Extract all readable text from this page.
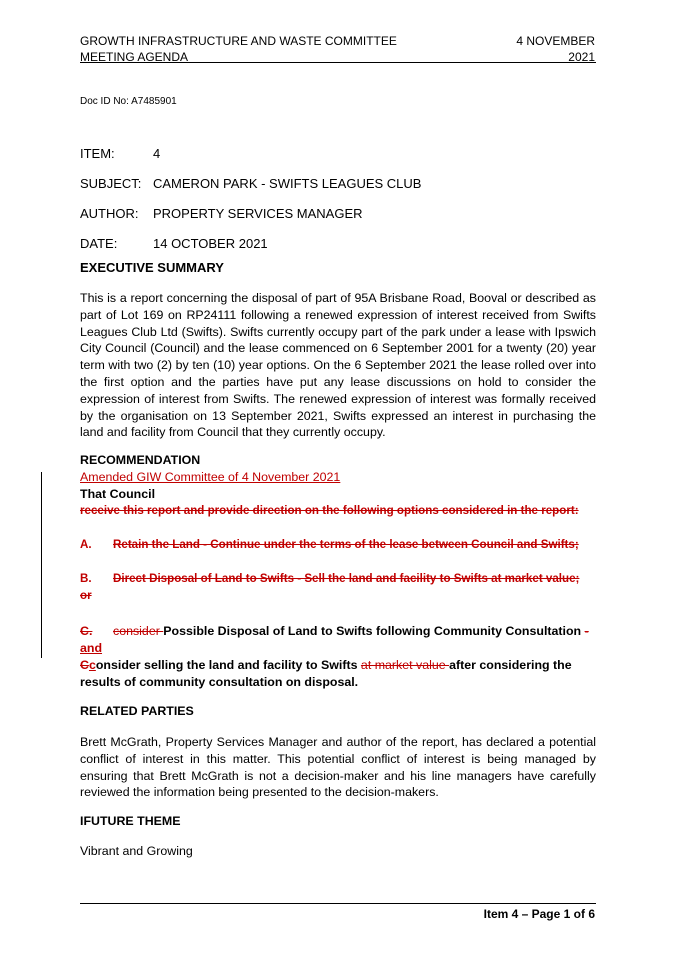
GROWTH INFRASTRUCTURE AND WASTE COMMITTEE
MEETING AGENDA
4 NOVEMBER
2021
Doc ID No: A7485901
ITEM:	4
SUBJECT: CAMERON PARK - SWIFTS LEAGUES CLUB
AUTHOR: PROPERTY SERVICES MANAGER
DATE:	14 OCTOBER 2021
EXECUTIVE SUMMARY
This is a report concerning the disposal of part of 95A Brisbane Road, Booval or described as part of Lot 169 on RP24111 following a renewed expression of interest received from Swifts Leagues Club Ltd (Swifts). Swifts currently occupy part of the park under a lease with Ipswich City Council (Council) and the lease commenced on 6 September 2001 for a twenty (20) year term with two (2) by ten (10) year options. On the 6 September 2021 the lease rolled over into the first option and the parties have put any lease discussions on hold to consider the expression of interest from Swifts. The renewed expression of interest was formally received by the organisation on 13 September 2021, Swifts expressed an interest in purchasing the land and facility from Council that they currently occupy.
RECOMMENDATION
Amended GIW Committee of 4 November 2021
That Council
receive this report and provide direction on the following options considered in the report:
A. Retain the Land - Continue under the terms of the lease between Council and Swifts;
B. Direct Disposal of Land to Swifts - Sell the land and facility to Swifts at market value;
or
C. consider Possible Disposal of Land to Swifts following Community Consultation -and
Cconsider selling the land and facility to Swifts at market value after considering the results of community consultation on disposal.
RELATED PARTIES
Brett McGrath, Property Services Manager and author of the report, has declared a potential conflict of interest in this matter. This potential conflict of interest is being managed by ensuring that Brett McGrath is not a decision-maker and his line managers have carefully reviewed the information being presented to the decision-makers.
IFUTURE THEME
Vibrant and Growing
Item 4 – Page 1 of 6
